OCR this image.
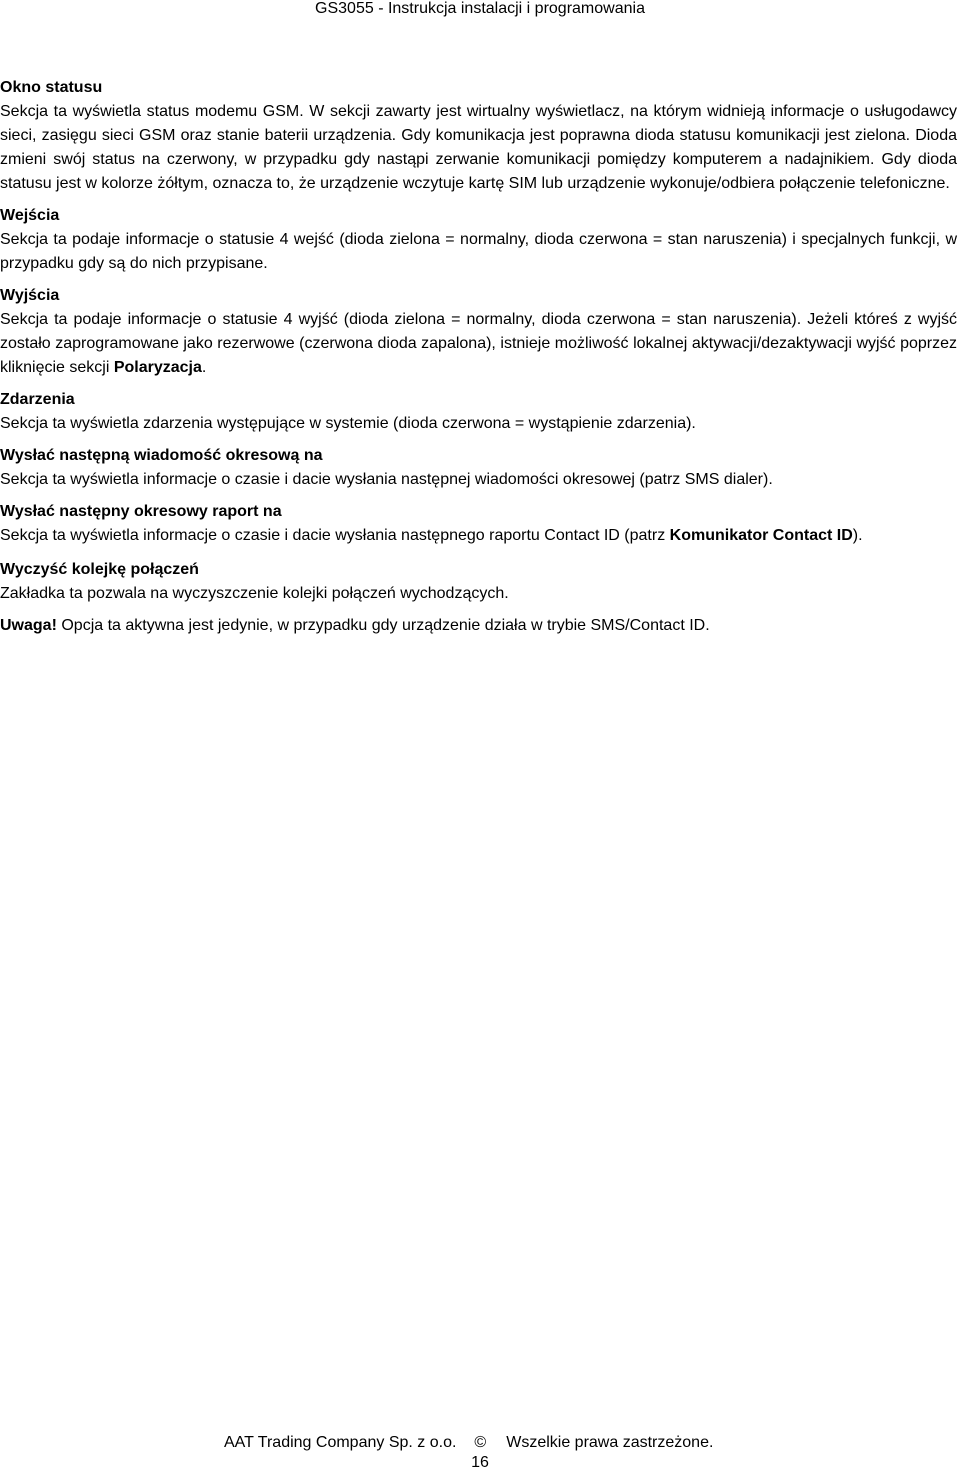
GS3055 - Instrukcja instalacji i programowania
Okno statusu

Sekcja ta wyświetla status modemu GSM. W sekcji zawarty jest wirtualny wyświetlacz, na którym widnieją informacje o usługodawcy sieci, zasięgu sieci GSM oraz stanie baterii urządzenia. Gdy komunikacja jest poprawna dioda statusu komunikacji jest zielona. Dioda zmieni swój status na czerwony, w przypadku gdy nastąpi zerwanie komunikacji pomiędzy komputerem a nadajnikiem. Gdy dioda statusu jest w kolorze żółtym, oznacza to, że urządzenie wczytuje kartę SIM lub urządzenie wykonuje/odbiera połączenie telefoniczne.

Wejścia

Sekcja ta podaje informacje o statusie 4 wejść (dioda zielona = normalny, dioda czerwona = stan naruszenia) i specjalnych funkcji, w przypadku gdy są do nich przypisane.

Wyjścia

Sekcja ta podaje informacje o statusie 4 wyjść (dioda zielona = normalny, dioda czerwona = stan naruszenia). Jeżeli któreś z wyjść zostało zaprogramowane jako rezerwowe (czerwona dioda zapalona), istnieje możliwość lokalnej aktywacji/dezaktywacji wyjść poprzez kliknięcie sekcji Polaryzacja.

Zdarzenia

Sekcja ta wyświetla zdarzenia występujące w systemie (dioda czerwona = wystąpienie zdarzenia).

Wysłać następną wiadomość okresową na

Sekcja ta wyświetla informacje o czasie i dacie wysłania następnej wiadomości okresowej (patrz SMS dialer).

Wysłać następny okresowy raport na

Sekcja ta wyświetla informacje o czasie i dacie wysłania następnego raportu Contact ID (patrz Komunikator Contact ID).

Wyczyść kolejkę połączeń

Zakładka ta pozwala na wyczyszczenie kolejki połączeń wychodzących.

Uwaga! Opcja ta aktywna jest jedynie, w przypadku gdy urządzenie działa w trybie SMS/Contact ID.

AAT Trading Company Sp. z o.o. © Wszelkie prawa zastrzeżone.
16
